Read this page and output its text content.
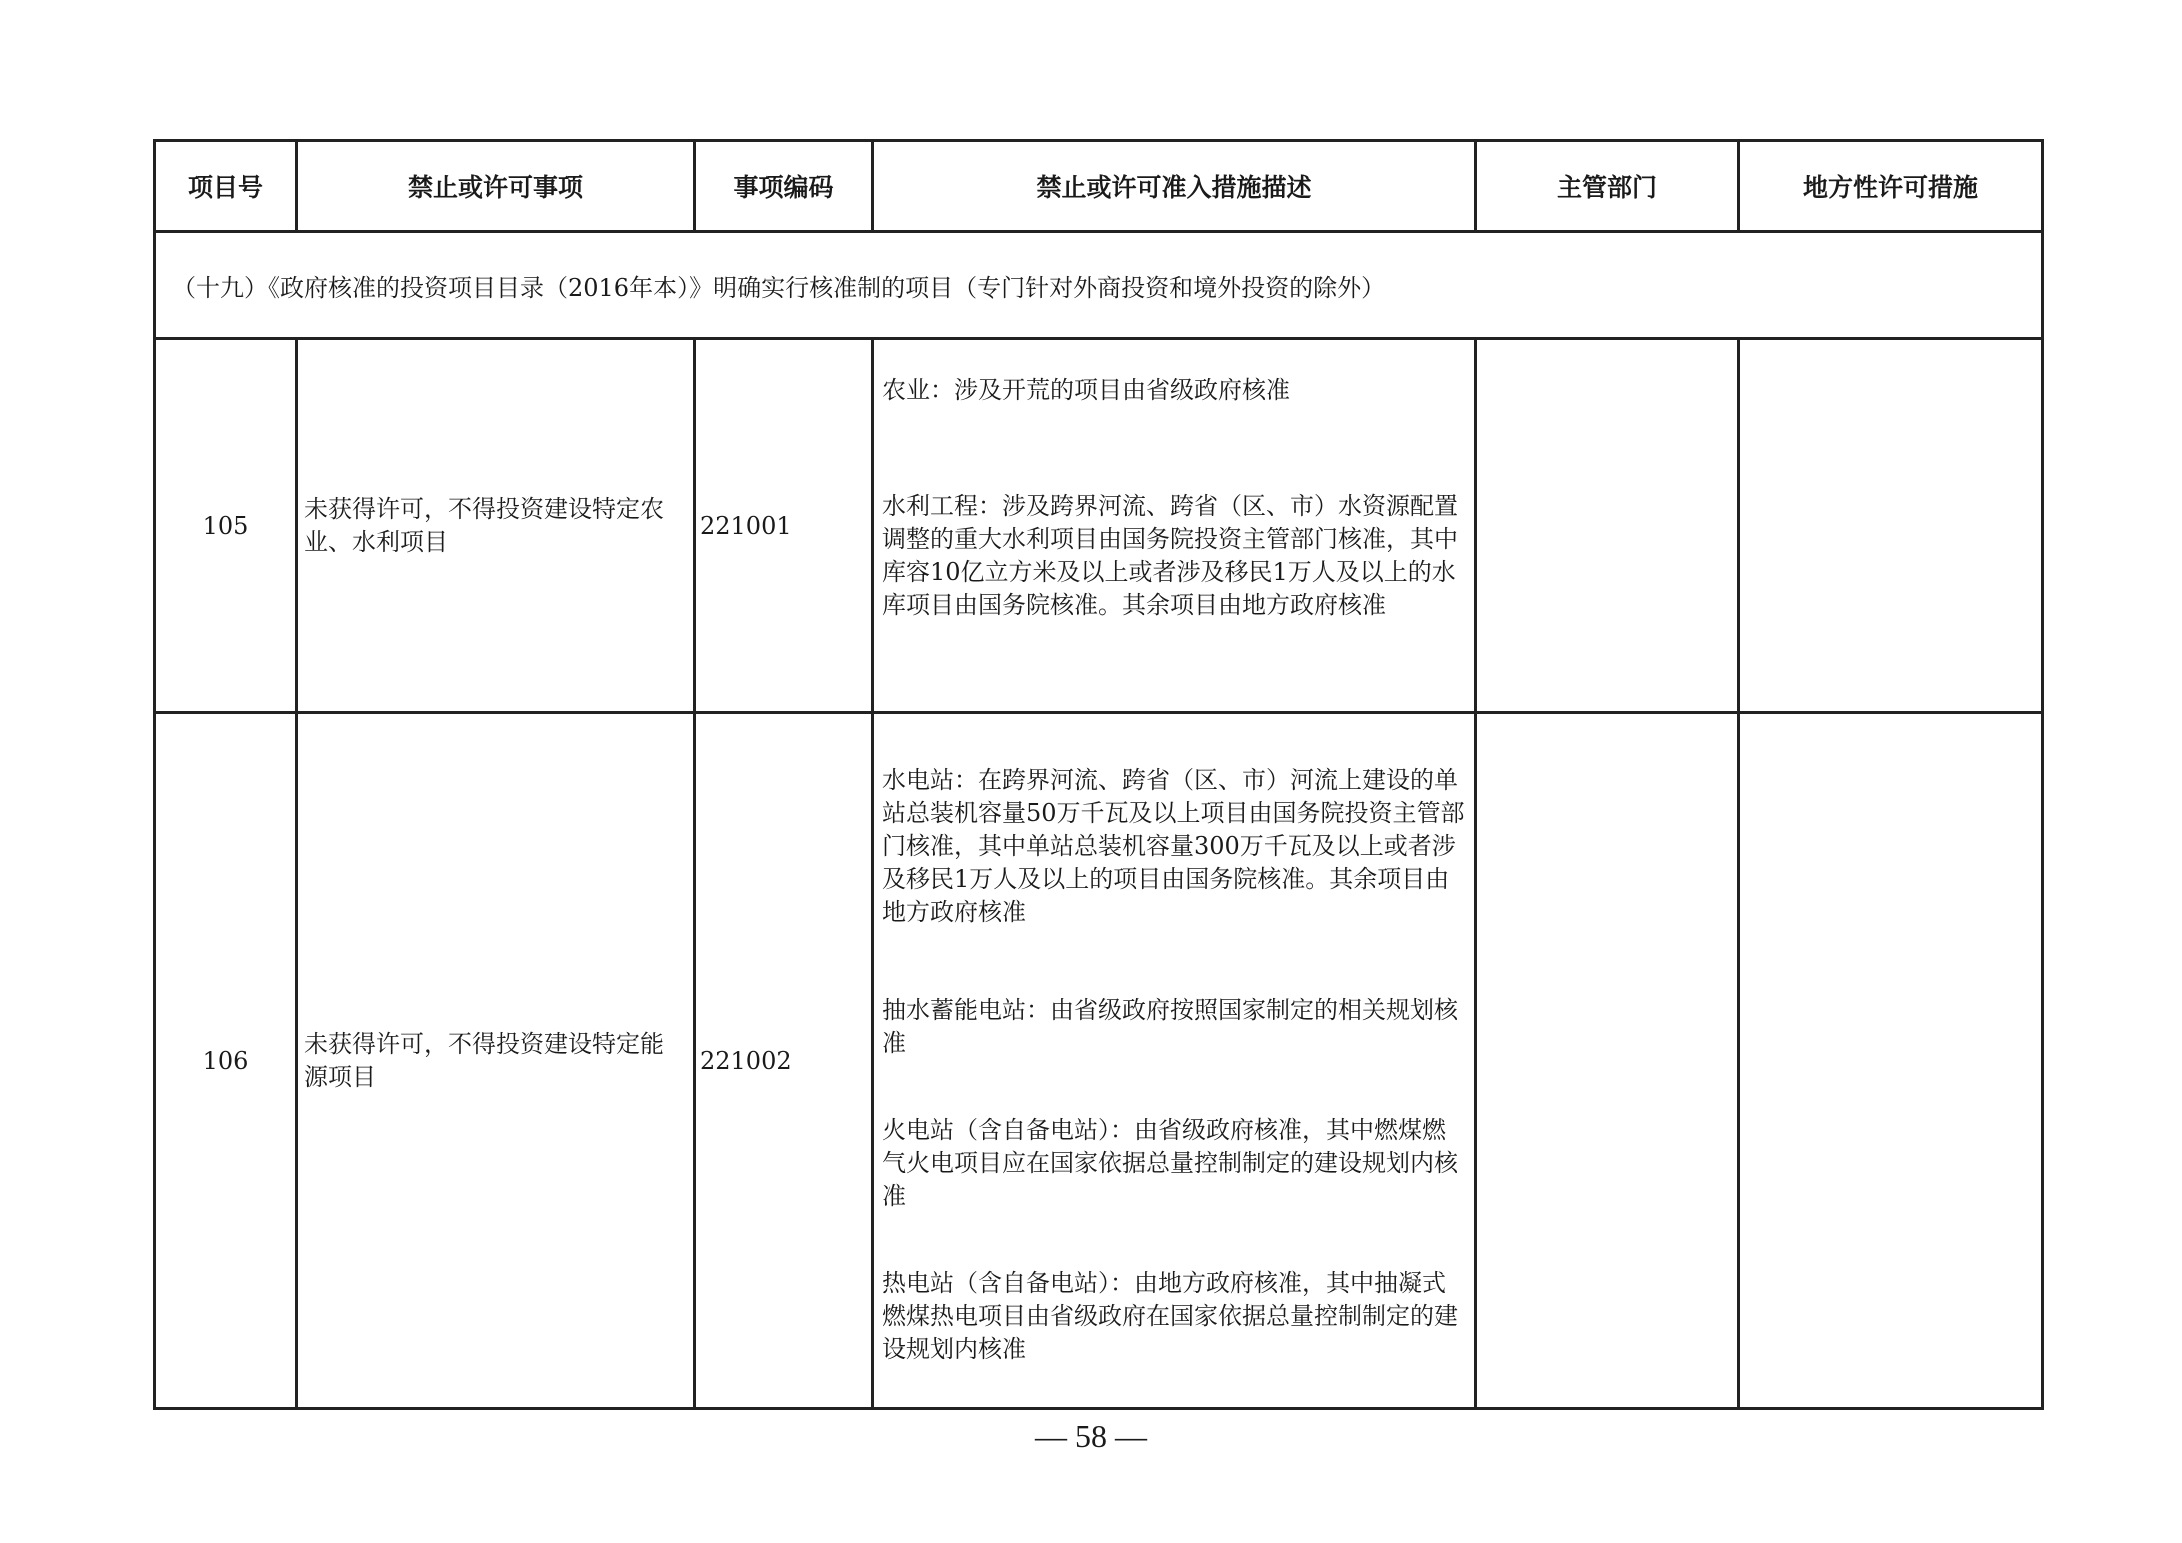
项目号	禁止或许可事项	事项编码	禁止或许可准入措施描述	主管部门	地方性许可措施
（十九）《政府核准的投资项目目录（2016年本）》明确实行核准制的项目（专门针对外商投资和境外投资的除外）					
105	未获得许可，不得投资建设特定农业、水利项目	221001	农业：涉及开荒的项目由省级政府核准

水利工程：涉及跨界河流、跨省（区、市）水资源配置调整的重大水利项目由国务院投资主管部门核准，其中库容10亿立方米及以上或者涉及移民1万人及以上的水库项目由国务院核准。其余项目由地方政府核准		

106	未获得许可，不得投资建设特定能源项目	221002	水电站：在跨界河流、跨省（区、市）河流上建设的单站总装机容量50万千瓦及以上项目由国务院投资主管部门核准，其中单站总装机容量300万千瓦及以上或者涉及移民1万人及以上的项目由国务院核准。其余项目由地方政府核准

抽水蓄能电站：由省级政府按照国家制定的相关规划核准

火电站（含自备电站）：由省级政府核准，其中燃煤燃气火电项目应在国家依据总量控制制定的建设规划内核准

热电站（含自备电站）：由地方政府核准，其中抽凝式燃煤热电项目由省级政府在国家依据总量控制制定的建设规划内核准		

— 58 —
